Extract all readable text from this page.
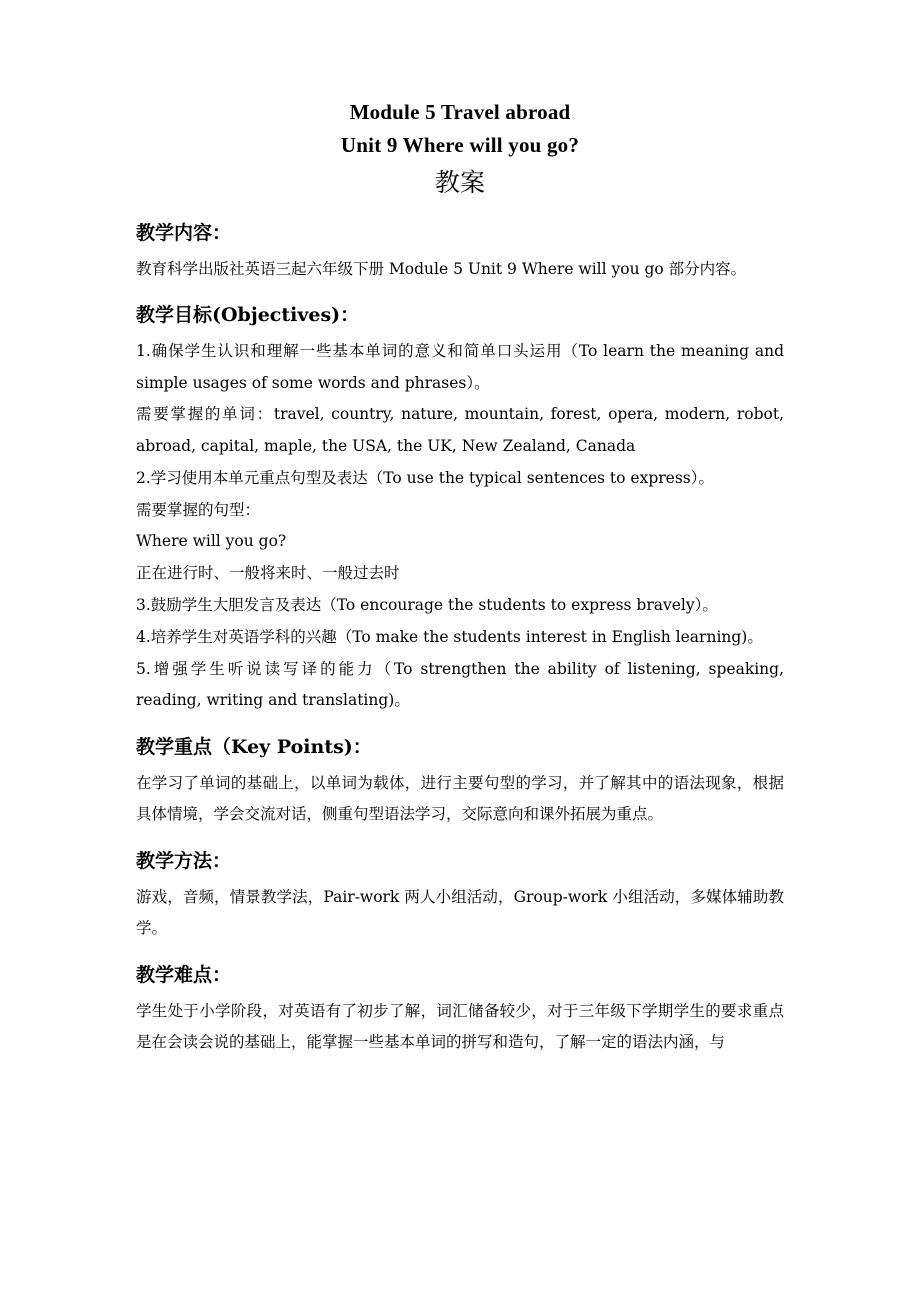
Module 5 Travel abroad
Unit 9 Where will you go?
教案
教学内容：

教育科学出版社英语三起六年级下册 Module 5 Unit 9 Where will you go 部分内容。

教学目标(Objectives)：

1.确保学生认识和理解一些基本单词的意义和简单口头运用（To learn the meaning and simple usages of some words and phrases）。

需要掌握的单词：travel, country, nature, mountain, forest, opera, modern, robot, abroad, capital, maple, the USA, the UK, New Zealand, Canada

2.学习使用本单元重点句型及表达（To use the typical sentences to express）。

需要掌握的句型：

Where will you go?

正在进行时、一般将来时、一般过去时

3.鼓励学生大胆发言及表达（To encourage the students to express bravely）。

4.培养学生对英语学科的兴趣（To make the students interest in English learning)。

5.增强学生听说读写译的能力（To strengthen the ability of listening, speaking, reading, writing and translating)。

教学重点（Key Points)：

在学习了单词的基础上，以单词为载体，进行主要句型的学习，并了解其中的语法现象，根据具体情境，学会交流对话，侧重句型语法学习，交际意向和课外拓展为重点。

教学方法：

游戏，音频，情景教学法，Pair-work 两人小组活动，Group-work 小组活动，多媒体辅助教学。

教学难点：

学生处于小学阶段，对英语有了初步了解，词汇储备较少，对于三年级下学期学生的要求重点是在会读会说的基础上，能掌握一些基本单词的拼写和造句，了解一定的语法内涵，与
